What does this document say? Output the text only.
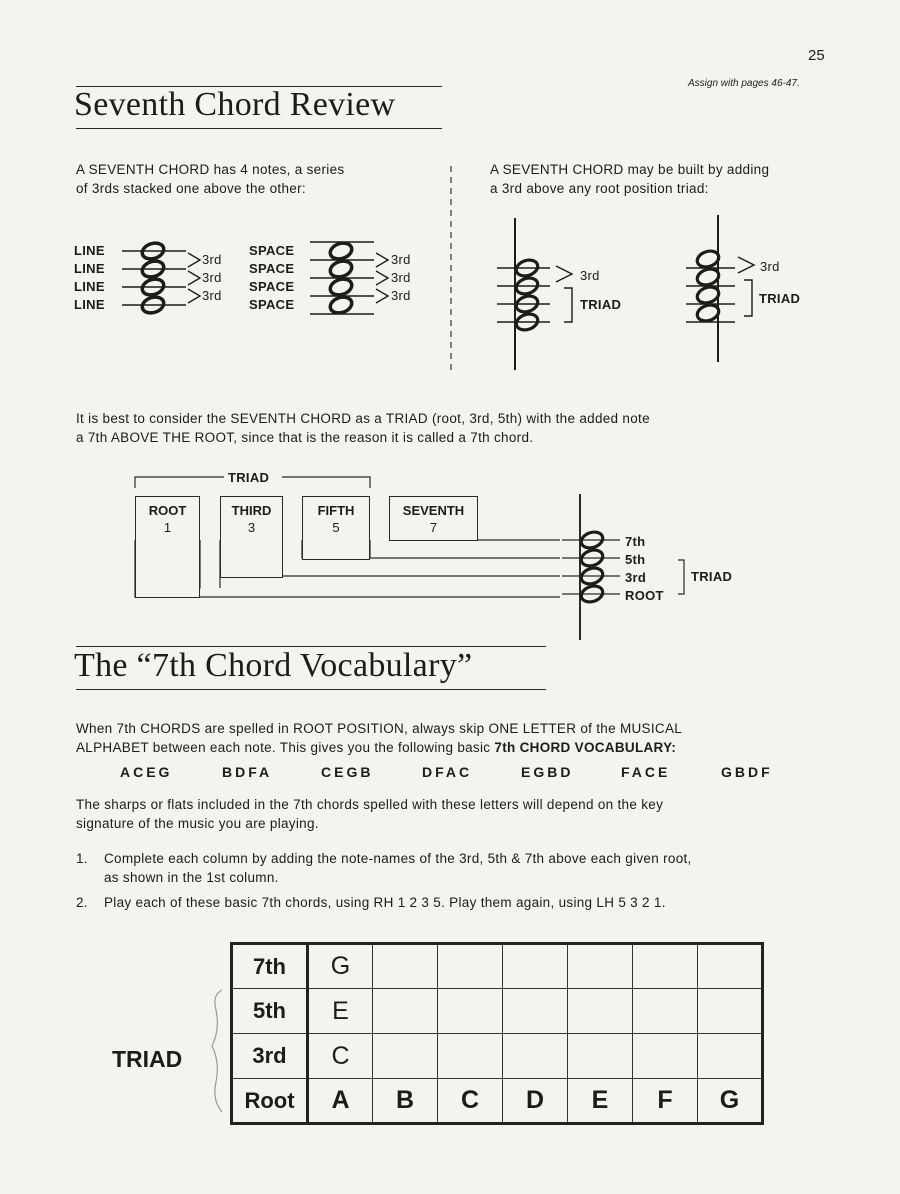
25
Assign with pages 46-47.
Seventh Chord Review

A SEVENTH CHORD has 4 notes, a series

of 3rds stacked one above the other:

A SEVENTH CHORD may be built by adding

a 3rd above any root position triad:

LINE
LINE
LINE
LINE
3rd
3rd
3rd
SPACE
SPACE
SPACE
SPACE
3rd
3rd
3rd
3rd
TRIAD
3rd
TRIAD

It is best to consider the SEVENTH CHORD as a TRIAD (root, 3rd, 5th) with the added note

a 7th ABOVE THE ROOT, since that is the reason it is called a 7th chord.

TRIAD
ROOT
1
THIRD
3
FIFTH
5
SEVENTH
7
7th
5th
3rd
ROOT
TRIAD
The “7th Chord Vocabulary”

When 7th CHORDS are spelled in ROOT POSITION, always skip ONE LETTER of the MUSICAL

ALPHABET between each note. This gives you the following basic 7th CHORD VOCABULARY:

ACEG	BDFA	CEGB	DFAC	EGBD	FACE	GBDF

The sharps or flats included in the 7th chords spelled with these letters will depend on the key

signature of the music you are playing.

1. Complete each column by adding the note-names of the 3rd, 5th & 7th above each given root,
as shown in the 1st column.
2. Play each of these basic 7th chords, using RH 1 2 3 5. Play them again, using LH 5 3 2 1.
TRIAD
7th	G						
5th	E						
3rd	C						
Root	A	B	C	D	E	F	G
